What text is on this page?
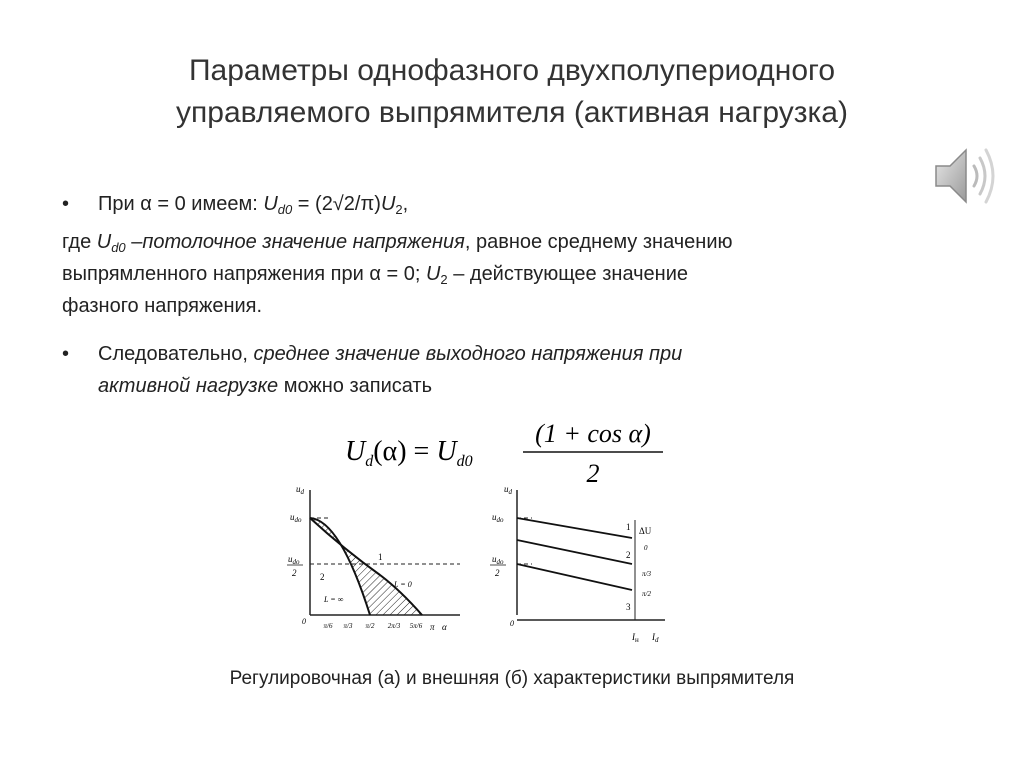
Параметры однофазного двухполупериодного
управляемого выпрямителя (активная нагрузка)
• При α = 0 имеем: $U_{d0} = (2√2/\pi)U_2$,
где $U_{d0}$ –потолочное значение напряжения, равное среднему значению
выпрямленного напряжения при α = 0; $U_2$ – действующее значение
фазного напряжения.
• Следовательно, среднее значение выходного напряжения при
активной нагрузке можно записать
$U_d(\alpha) = U_{d0}$
(1 + cos α)
2
$u_d$
$u_{do}$
$u_{do}$
2
1
2
L = 0
L = ∞
0	π/6 π/3 π/2 2π/3 5π/6 π α
$u_d$
$u_{do}$
$u_{do}$
2
1
2
3
ΔU
0
π/3
π/2
0
$I_н$ $I_d$
Регулировочная (а) и внешняя (б) характеристики выпрямителя
